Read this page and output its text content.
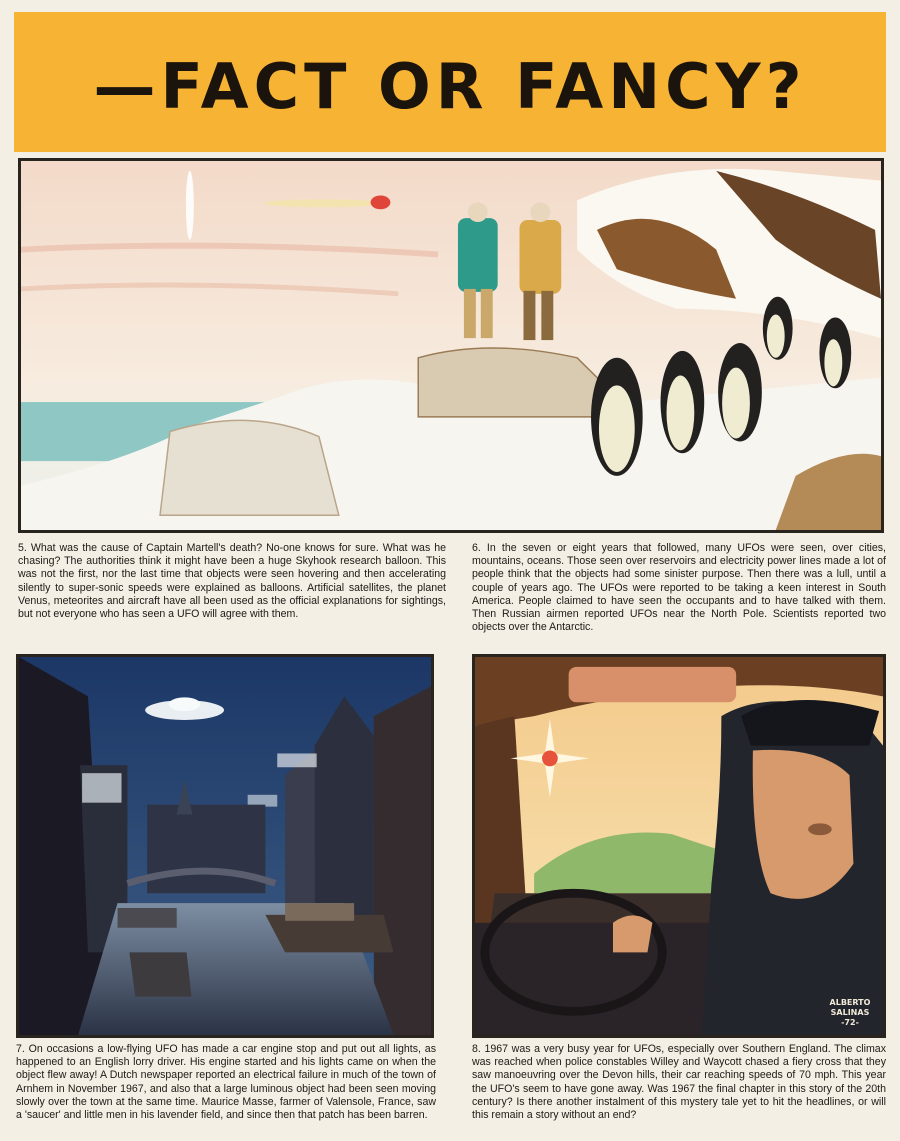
—FACT OR FANCY?
5. What was the cause of Captain Martell's death? No-one knows for sure. What was he chasing? The authorities think it might have been a huge Skyhook research balloon. This was not the first, nor the last time that objects were seen hovering and then accelerating silently to super-sonic speeds were explained as balloons. Artificial satellites, the planet Venus, meteorites and aircraft have all been used as the official explanations for sightings, but not everyone who has seen a UFO will agree with them.
6. In the seven or eight years that followed, many UFOs were seen, over cities, mountains, oceans. Those seen over reservoirs and electricity power lines made a lot of people think that the objects had some sinister purpose. Then there was a lull, until a couple of years ago. The UFOs were reported to be taking a keen interest in South America. People claimed to have seen the occupants and to have talked with them. Then Russian airmen reported UFOs near the North Pole. Scientists reported two objects over the Antarctic.
ALBERTO
SALINAS
-72-
7. On occasions a low-flying UFO has made a car engine stop and put out all lights, as happened to an English lorry driver. His engine started and his lights came on when the object flew away! A Dutch newspaper reported an electrical failure in much of the town of Arnhem in November 1967, and also that a large luminous object had been seen moving slowly over the town at the same time. Maurice Masse, farmer of Valensole, France, saw a 'saucer' and little men in his lavender field, and since then that patch has been barren.
8. 1967 was a very busy year for UFOs, especially over Southern England. The climax was reached when police constables Willey and Waycott chased a fiery cross that they saw manoeuvring over the Devon hills, their car reaching speeds of 70 mph. This year the UFO's seem to have gone away. Was 1967 the final chapter in this story of the 20th century? Is there another instalment of this mystery tale yet to hit the headlines, or will this remain a story without an end?
